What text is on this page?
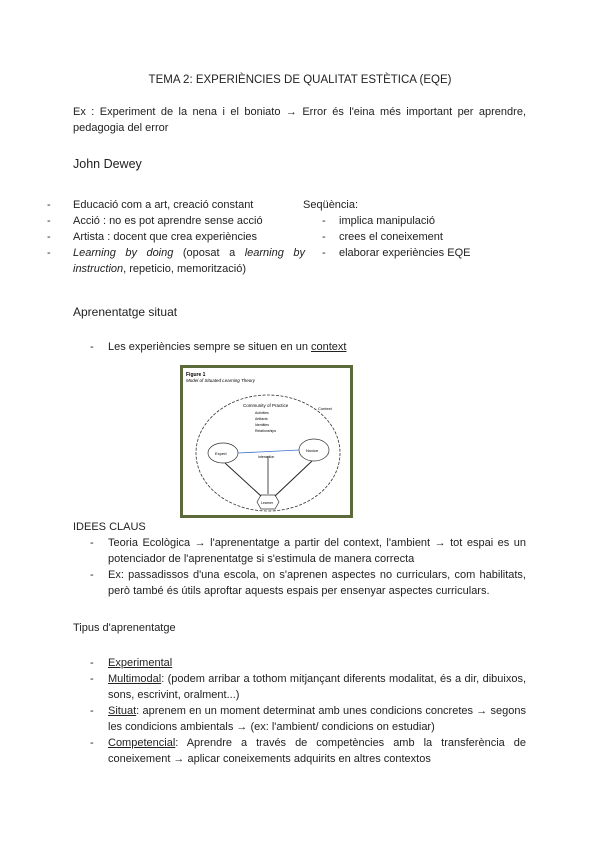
TEMA 2: EXPERIÈNCIES DE QUALITAT ESTÈTICA (EQE)
Ex : Experiment de la nena i el boniato → Error és l'eina més important per aprendre, pedagogia del error
John Dewey
- Educació com a art, creació constant
- Acció : no es pot aprendre sense acció
- Artista : docent que crea experiències
- Learning by doing (oposat a learning by instruction, repeticio, memorització)
Seqüència:
- implica manipulació
- crees el coneixement
- elaborar experiències EQE
Aprenentatge situat
- Les experiències sempre se situen en un context
Figure 1
Model of Situated Learning Theory
Context
Community of Practice
Activities
Artifacts
Identities
Relationships
Expert
Novice
Interaction
Learner
IDEES CLAUS
- Teoria Ecològica → l'aprenentatge a partir del context, l'ambient → tot espai es un potenciador de l'aprenentatge si s'estimula de manera correcta
- Ex: passadissos d'una escola, on s'aprenen aspectes no curriculars, com habilitats, però també és útils aproftar aquests espais per ensenyar aspectes curriculars.
Tipus d'aprenentatge
- Experimental
- Multimodal: (podem arribar a tothom mitjançant diferents modalitat, és a dir, dibuixos, sons, escrivint, oralment...)
- Situat: aprenem en un moment determinat amb unes condicions concretes → segons les condicions ambientals → (ex: l'ambient/ condicions on estudiar)
- Competencial: Aprendre a través de competències amb la transferència de coneixement → aplicar coneixements adquirits en altres contextos
